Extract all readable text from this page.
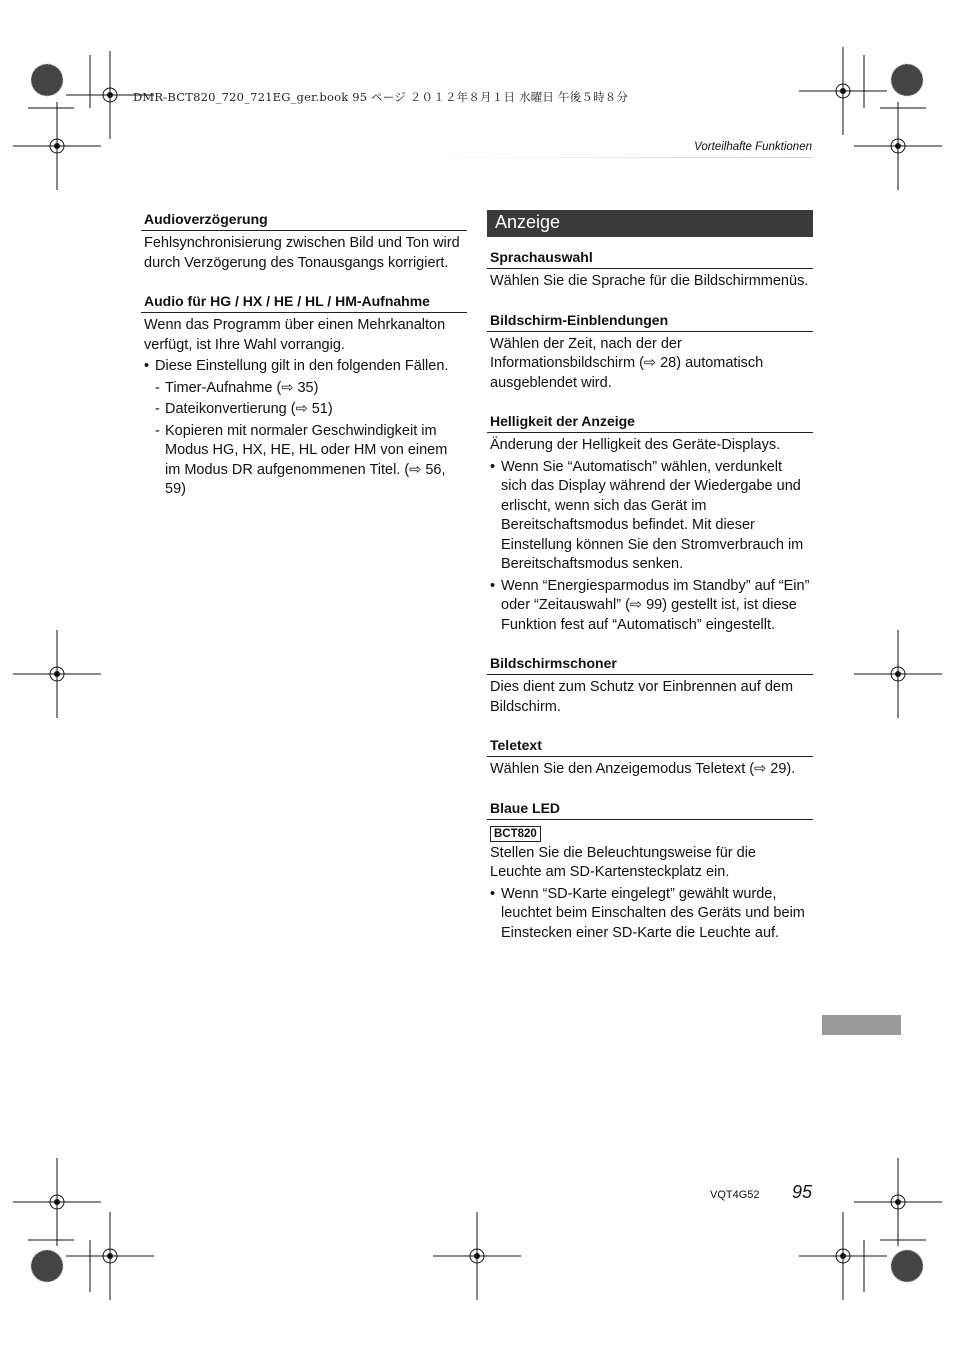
DMR-BCT820_720_721EG_ger.book 95 ページ ２０１２年８月１日 水曜日 午後５時８分
Vorteilhafte Funktionen
Audioverzögerung

Fehlsynchronisierung zwischen Bild und Ton wird durch Verzögerung des Tonausgangs korrigiert.

Audio für HG / HX / HE / HL / HM-Aufnahme

Wenn das Programm über einen Mehrkanalton verfügt, ist Ihre Wahl vorrangig.

• Diese Einstellung gilt in den folgenden Fällen.
- Timer-Aufnahme (⇨ 35)
- Dateikonvertierung (⇨ 51)
- Kopieren mit normaler Geschwindigkeit im Modus HG, HX, HE, HL oder HM von einem im Modus DR aufgenommenen Titel. (⇨ 56, 59)
Anzeige
Sprachauswahl

Wählen Sie die Sprache für die Bildschirmmenüs.

Bildschirm-Einblendungen

Wählen der Zeit, nach der der Informationsbildschirm (⇨ 28) automatisch ausgeblendet wird.

Helligkeit der Anzeige

Änderung der Helligkeit des Geräte-Displays.

• Wenn Sie “Automatisch” wählen, verdunkelt sich das Display während der Wiedergabe und erlischt, wenn sich das Gerät im Bereitschaftsmodus befindet. Mit dieser Einstellung können Sie den Stromverbrauch im Bereitschaftsmodus senken.
• Wenn “Energiesparmodus im Standby” auf “Ein” oder “Zeitauswahl” (⇨ 99) gestellt ist, ist diese Funktion fest auf “Automatisch” eingestellt.
Bildschirmschoner

Dies dient zum Schutz vor Einbrennen auf dem Bildschirm.

Teletext

Wählen Sie den Anzeigemodus Teletext (⇨ 29).

Blaue LED
BCT820

Stellen Sie die Beleuchtungsweise für die Leuchte am SD-Kartensteckplatz ein.

• Wenn “SD-Karte eingelegt” gewählt wurde, leuchtet beim Einschalten des Geräts und beim Einstecken einer SD-Karte die Leuchte auf.
VQT4G52 95
